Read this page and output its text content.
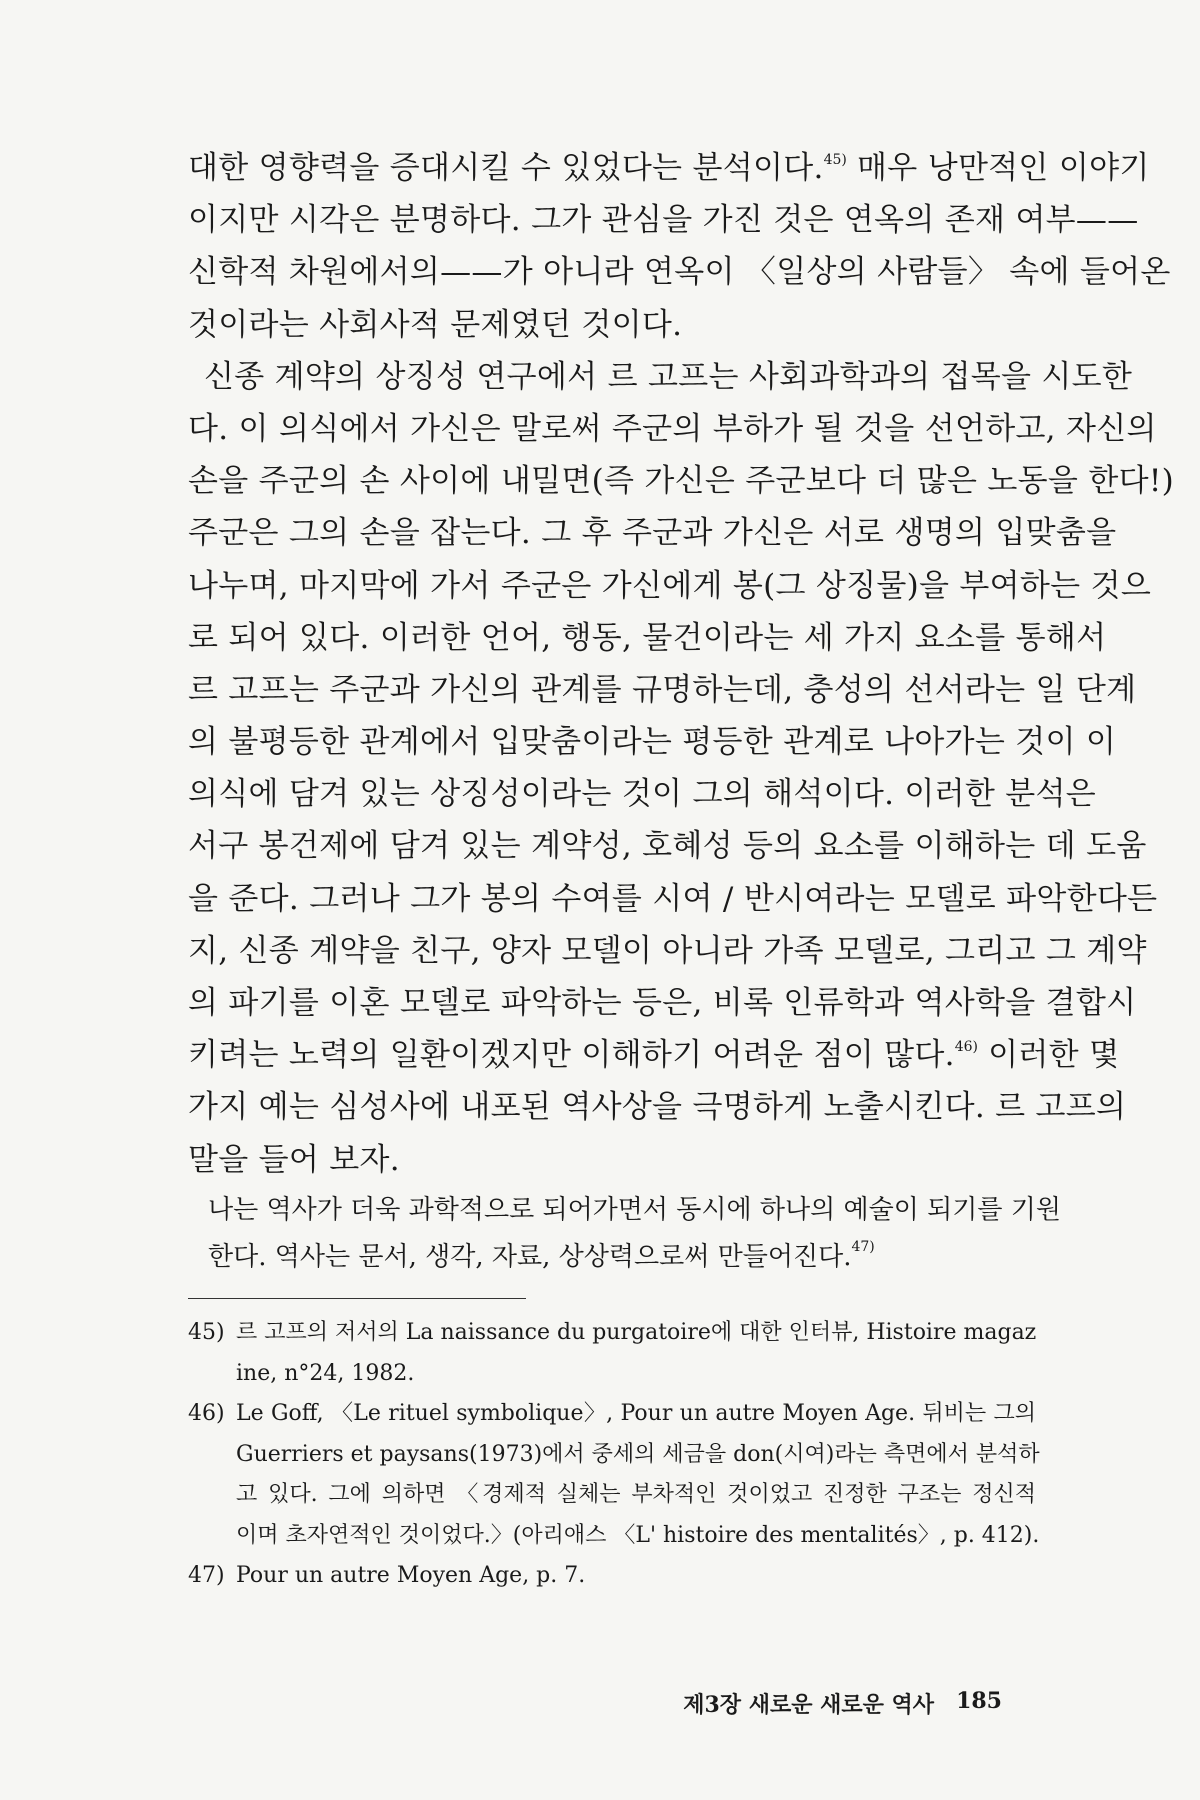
대한 영향력을 증대시킬 수 있었다는 분석이다.$^{45)}$ 매우 낭만적인 이야기
이지만 시각은 분명하다. 그가 관심을 가진 것은 연옥의 존재 여부——
신학적 차원에서의——가 아니라 연옥이 〈일상의 사람들〉 속에 들어온
것이라는 사회사적 문제였던 것이다.
신종 계약의 상징성 연구에서 르 고프는 사회과학과의 접목을 시도한
다. 이 의식에서 가신은 말로써 주군의 부하가 될 것을 선언하고, 자신의
손을 주군의 손 사이에 내밀면(즉 가신은 주군보다 더 많은 노동을 한다!)
주군은 그의 손을 잡는다. 그 후 주군과 가신은 서로 생명의 입맞춤을
나누며, 마지막에 가서 주군은 가신에게 봉(그 상징물)을 부여하는 것으
로 되어 있다. 이러한 언어, 행동, 물건이라는 세 가지 요소를 통해서
르 고프는 주군과 가신의 관계를 규명하는데, 충성의 선서라는 일 단계
의 불평등한 관계에서 입맞춤이라는 평등한 관계로 나아가는 것이 이
의식에 담겨 있는 상징성이라는 것이 그의 해석이다. 이러한 분석은
서구 봉건제에 담겨 있는 계약성, 호혜성 등의 요소를 이해하는 데 도움
을 준다. 그러나 그가 봉의 수여를 시여 / 반시여라는 모델로 파악한다든
지, 신종 계약을 친구, 양자 모델이 아니라 가족 모델로, 그리고 그 계약
의 파기를 이혼 모델로 파악하는 등은, 비록 인류학과 역사학을 결합시
키려는 노력의 일환이겠지만 이해하기 어려운 점이 많다.$^{46)}$ 이러한 몇
가지 예는 심성사에 내포된 역사상을 극명하게 노출시킨다. 르 고프의
말을 들어 보자.
나는 역사가 더욱 과학적으로 되어가면서 동시에 하나의 예술이 되기를 기원
한다. 역사는 문서, 생각, 자료, 상상력으로써 만들어진다.$^{47)}$
45) 르 고프의 저서의 La naissance du purgatoire에 대한 인터뷰, Histoire magaz
ine, n°24, 1982.
46) Le Goff, 〈Le rituel symbolique〉, Pour un autre Moyen Age. 뒤비는 그의
Guerriers et paysans(1973)에서 중세의 세금을 don(시여)라는 측면에서 분석하
고 있다. 그에 의하면 〈경제적 실체는 부차적인 것이었고 진정한 구조는 정신적
이며 초자연적인 것이었다.〉(아리애스 〈L' histoire des mentalités〉, p. 412).
47) Pour un autre Moyen Age, p. 7.
제3장 새로운 새로운 역사 185
